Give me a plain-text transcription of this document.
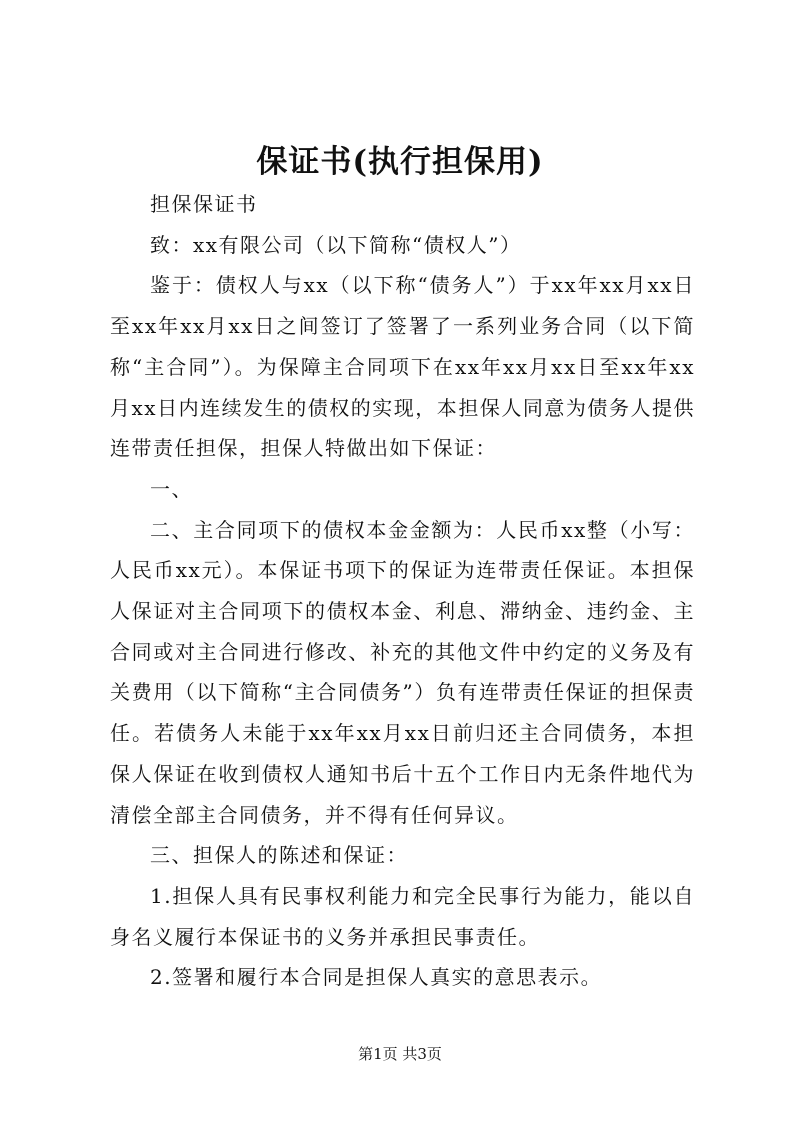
保证书(执行担保用)

担保保证书

致：xx有限公司（以下简称“债权人”）

鉴于：债权人与xx（以下称“债务人”）于xx年xx月xx日至xx年xx月xx日之间签订了签署了一系列业务合同（以下简称“主合同”）。为保障主合同项下在xx年xx月xx日至xx年xx月xx日内连续发生的债权的实现，本担保人同意为债务人提供连带责任担保，担保人特做出如下保证：

一、

二、主合同项下的债权本金金额为：人民币xx整（小写：人民币xx元）。本保证书项下的保证为连带责任保证。本担保人保证对主合同项下的债权本金、利息、滞纳金、违约金、主合同或对主合同进行修改、补充的其他文件中约定的义务及有关费用（以下简称“主合同债务”）负有连带责任保证的担保责任。若债务人未能于xx年xx月xx日前归还主合同债务，本担保人保证在收到债权人通知书后十五个工作日内无条件地代为清偿全部主合同债务，并不得有任何异议。

三、担保人的陈述和保证：

1.担保人具有民事权利能力和完全民事行为能力，能以自身名义履行本保证书的义务并承担民事责任。

2.签署和履行本合同是担保人真实的意思表示。

第1页 共3页
